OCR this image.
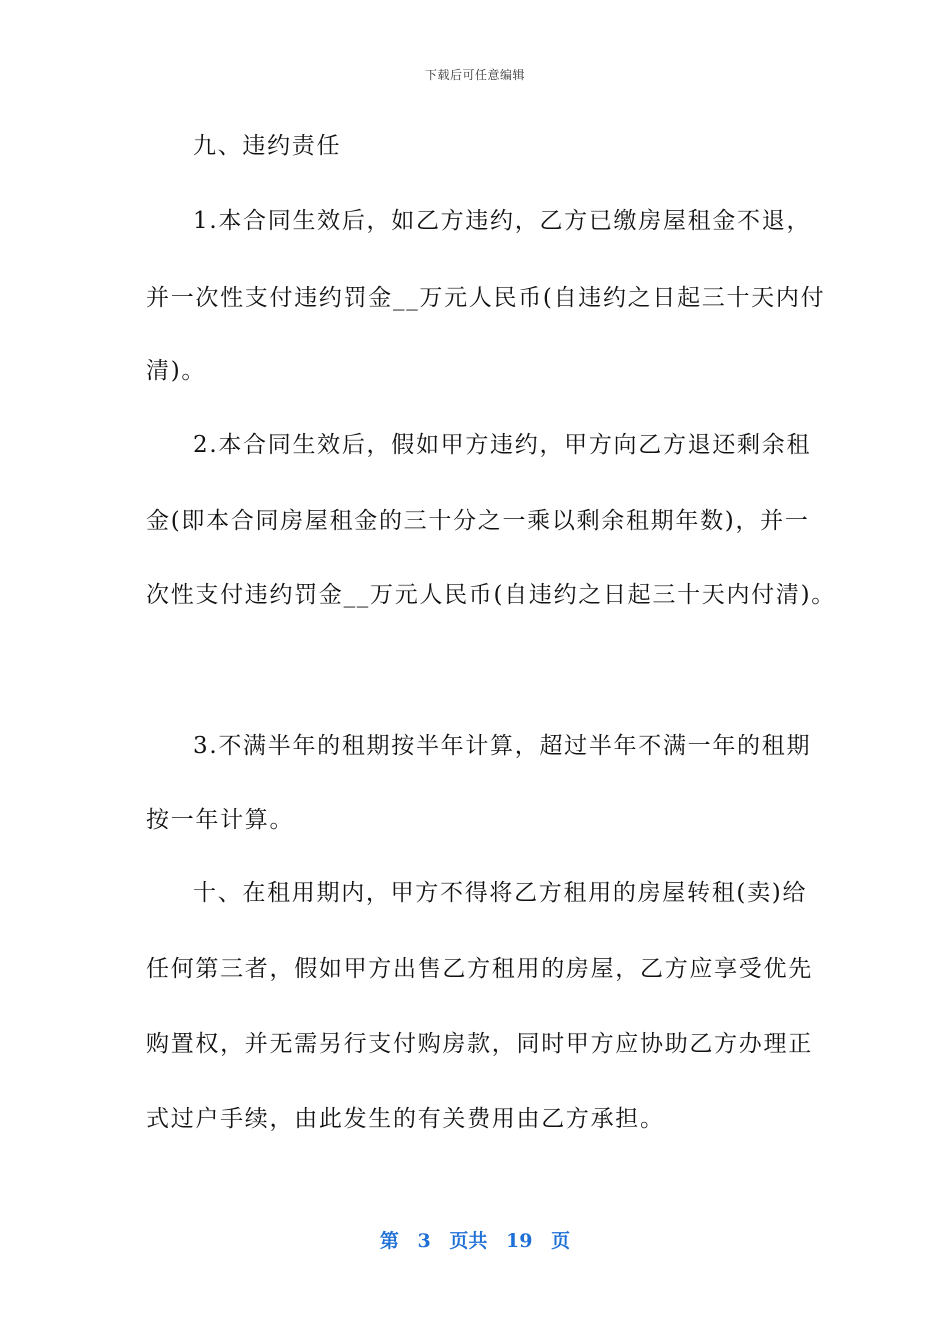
下载后可任意编辑
九、违约责任
1.本合同生效后，如乙方违约，乙方已缴房屋租金不退，
并一次性支付违约罚金__万元人民币(自违约之日起三十天内付
清)。
2.本合同生效后，假如甲方违约，甲方向乙方退还剩余租
金(即本合同房屋租金的三十分之一乘以剩余租期年数)，并一
次性支付违约罚金__万元人民币(自违约之日起三十天内付清)。
3.不满半年的租期按半年计算，超过半年不满一年的租期
按一年计算。
十、在租用期内，甲方不得将乙方租用的房屋转租(卖)给
任何第三者，假如甲方出售乙方租用的房屋，乙方应享受优先
购置权，并无需另行支付购房款，同时甲方应协助乙方办理正
式过户手续，由此发生的有关费用由乙方承担。
第 3 页共 19 页
